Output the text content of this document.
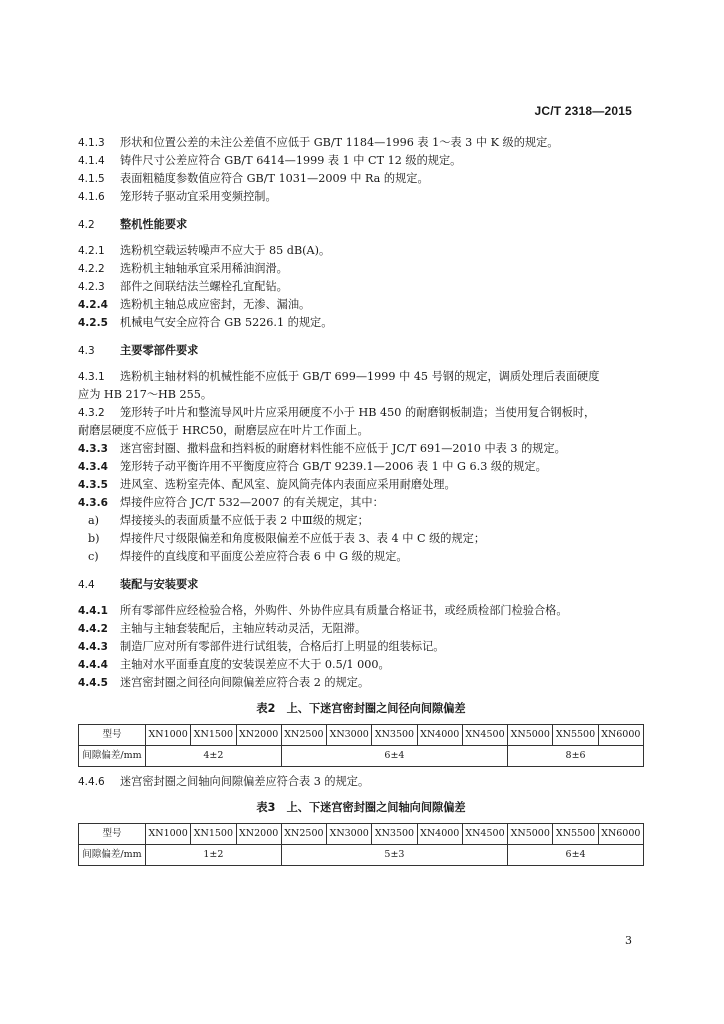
JC/T 2318—2015
4.1.3	形状和位置公差的未注公差值不应低于 GB/T 1184—1996 表 1～表 3 中 K 级的规定。
4.1.4	铸件尺寸公差应符合 GB/T 6414—1999 表 1 中 CT 12 级的规定。
4.1.5	表面粗糙度参数值应符合 GB/T 1031—2009 中 Ra 的规定。
4.1.6	笼形转子驱动宜采用变频控制。
4.2	整机性能要求
4.2.1	选粉机空载运转噪声不应大于 85 dB(A)。
4.2.2	选粉机主轴轴承宜采用稀油润滑。
4.2.3	部件之间联结法兰螺栓孔宜配钻。
4.2.4	选粉机主轴总成应密封，无渗、漏油。
4.2.5	机械电气安全应符合 GB 5226.1 的规定。
4.3	主要零部件要求
4.3.1	选粉机主轴材料的机械性能不应低于 GB/T 699—1999 中 45 号钢的规定，调质处理后表面硬度
应为 HB 217～HB 255。
4.3.2	笼形转子叶片和整流导风叶片应采用硬度不小于 HB 450 的耐磨钢板制造；当使用复合钢板时，
耐磨层硬度不应低于 HRC50，耐磨层应在叶片工作面上。
4.3.3	迷宫密封圈、撒料盘和挡料板的耐磨材料性能不应低于 JC/T 691—2010 中表 3 的规定。
4.3.4	笼形转子动平衡许用不平衡度应符合 GB/T 9239.1—2006 表 1 中 G 6.3 级的规定。
4.3.5	进风室、选粉室壳体、配风室、旋风筒壳体内表面应采用耐磨处理。
4.3.6	焊接件应符合 JC/T 532—2007 的有关规定，其中：
a)	焊接接头的表面质量不应低于表 2 中Ⅲ级的规定；
b)	焊接件尺寸级限偏差和角度极限偏差不应低于表 3、表 4 中 C 级的规定；
c)	焊接件的直线度和平面度公差应符合表 6 中 G 级的规定。
4.4	装配与安装要求
4.4.1	所有零部件应经检验合格，外购件、外协件应具有质量合格证书，或经质检部门检验合格。
4.4.2	主轴与主轴套装配后，主轴应转动灵活，无阻滞。
4.4.3	制造厂应对所有零部件进行试组装，合格后打上明显的组装标记。
4.4.4	主轴对水平面垂直度的安装误差应不大于 0.5/1 000。
4.4.5	迷宫密封圈之间径向间隙偏差应符合表 2 的规定。
表2　上、下迷宫密封圈之间径向间隙偏差
型号	XN1000	XN1500	XN2000	XN2500	XN3000	XN3500	XN4000	XN4500	XN5000	XN5500	XN6000
间隙偏差/mm	4±2			6±4					8±6		
4.4.6	迷宫密封圈之间轴向间隙偏差应符合表 3 的规定。
表3　上、下迷宫密封圈之间轴向间隙偏差
型号	XN1000	XN1500	XN2000	XN2500	XN3000	XN3500	XN4000	XN4500	XN5000	XN5500	XN6000
间隙偏差/mm	1±2			5±3					6±4		
3
